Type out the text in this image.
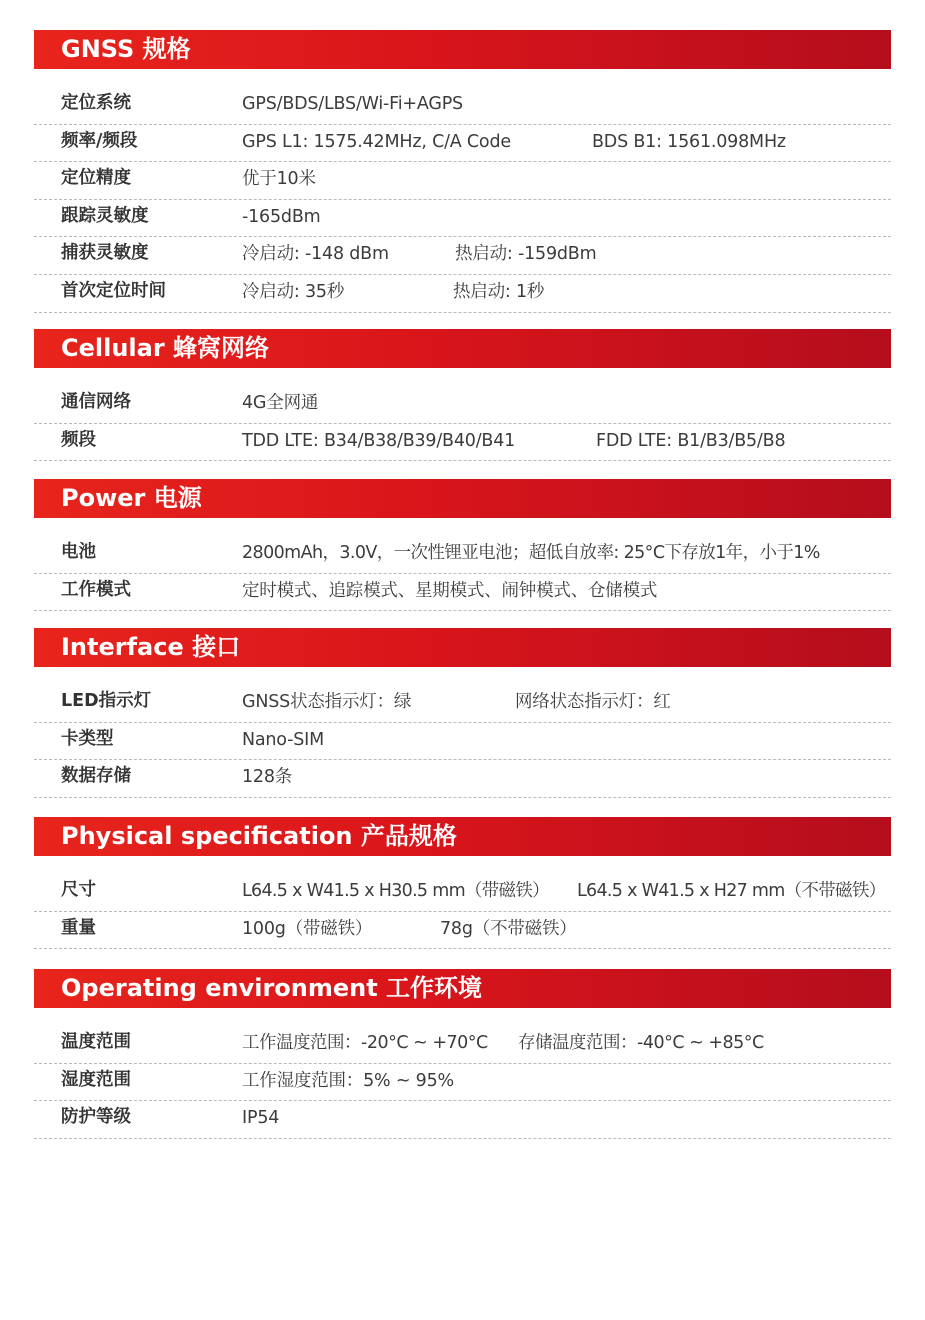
GNSS 规格
定位系统	GPS/BDS/LBS/Wi-Fi+AGPS
频率/频段	GPS L1: 1575.42MHz, C/A Code	BDS B1: 1561.098MHz
定位精度	优于10米
跟踪灵敏度	-165dBm
捕获灵敏度	冷启动: -148 dBm	热启动: -159dBm
首次定位时间	冷启动: 35秒	热启动: 1秒
Cellular 蜂窝网络
通信网络	4G全网通
频段	TDD LTE: B34/B38/B39/B40/B41	FDD LTE: B1/B3/B5/B8
Power 电源
电池	2800mAh，3.0V，一次性锂亚电池；超低自放率: 25°C下存放1年，小于1%
工作模式	定时模式、追踪模式、星期模式、闹钟模式、仓储模式
Interface 接口
LED指示灯	GNSS状态指示灯：绿	网络状态指示灯：红
卡类型	Nano-SIM
数据存储	128条
Physical specification 产品规格
尺寸	L64.5 x W41.5 x H30.5 mm（带磁铁） L64.5 x W41.5 x H27 mm（不带磁铁）
重量	100g（带磁铁）	78g（不带磁铁）
Operating environment 工作环境
温度范围	工作温度范围：-20°C ~ +70°C 存储温度范围：-40°C ~ +85°C
湿度范围	工作湿度范围：5% ~ 95%
防护等级	IP54
